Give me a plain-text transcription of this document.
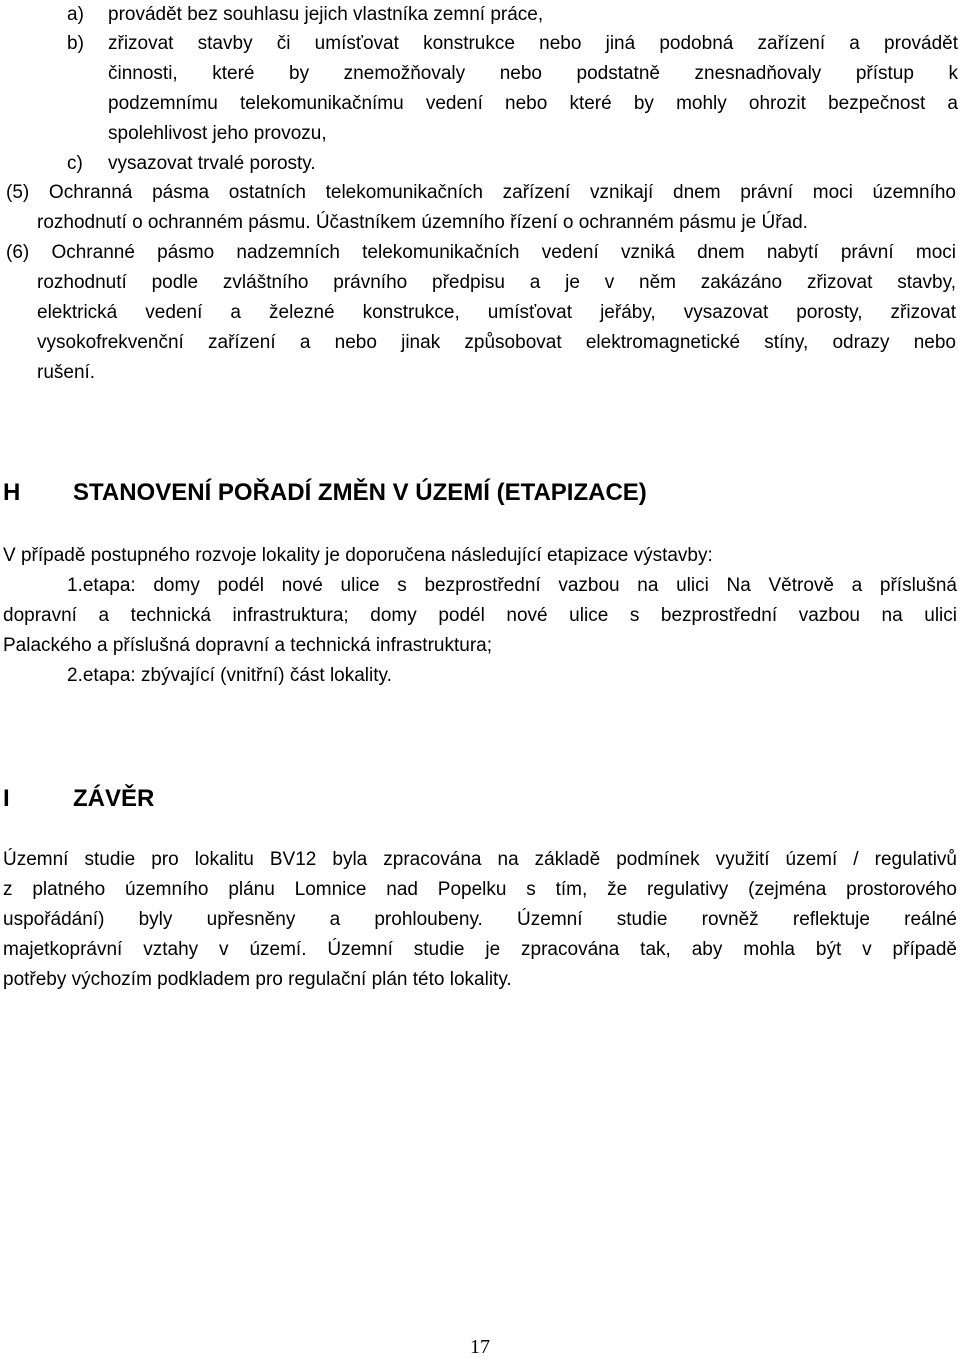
a)	provádět bez souhlasu jejich vlastníka zemní práce,
b)	zřizovat stavby či umísťovat konstrukce nebo jiná podobná zařízení a provádět
činnosti, které by znemožňovaly nebo podstatně znesnadňovaly přístup k
podzemnímu telekomunikačnímu vedení nebo které by mohly ohrozit bezpečnost a
spolehlivost jeho provozu,
c)	vysazovat trvalé porosty.
(5) Ochranná pásma ostatních telekomunikačních zařízení vznikají dnem právní moci územního
rozhodnutí o ochranném pásmu. Účastníkem územního řízení o ochranném pásmu je Úřad.
(6) Ochranné pásmo nadzemních telekomunikačních vedení vzniká dnem nabytí právní moci
rozhodnutí podle zvláštního právního předpisu a je v něm zakázáno zřizovat stavby,
elektrická vedení a železné konstrukce, umísťovat jeřáby, vysazovat porosty, zřizovat
vysokofrekvenční zařízení a nebo jinak způsobovat elektromagnetické stíny, odrazy nebo
rušení.
H STANOVENÍ POŘADÍ ZMĚN V ÚZEMÍ (ETAPIZACE)
V případě postupného rozvoje lokality je doporučena následující etapizace výstavby:
1.etapa: domy podél nové ulice s bezprostřední vazbou na ulici Na Větrově a příslušná
dopravní a technická infrastruktura; domy podél nové ulice s bezprostřední vazbou na ulici
Palackého a příslušná dopravní a technická infrastruktura;
2.etapa: zbývající (vnitřní) část lokality.
I	ZÁVĚR
Územní studie pro lokalitu BV12 byla zpracována na základě podmínek využití území / regulativů
z platného územního plánu Lomnice nad Popelku s tím, že regulativy (zejména prostorového
uspořádání) byly upřesněny a prohloubeny. Územní studie rovněž reflektuje reálné
majetkoprávní vztahy v území. Územní studie je zpracována tak, aby mohla být v případě
potřeby výchozím podkladem pro regulační plán této lokality.
17
